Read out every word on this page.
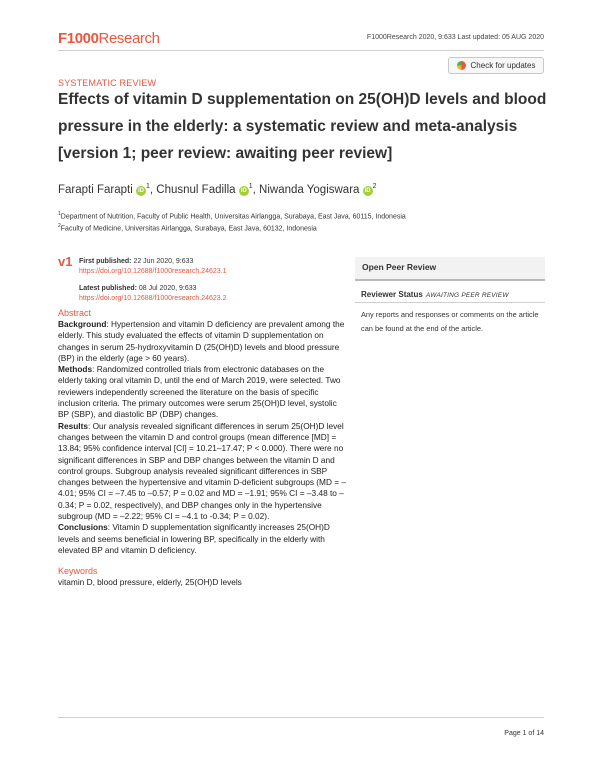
F1000Research	F1000Research 2020, 9:633 Last updated: 05 AUG 2020
Check for updates
SYSTEMATIC REVIEW
Effects of vitamin D supplementation on 25(OH)D levels and blood pressure in the elderly: a systematic review and meta-analysis [version 1; peer review: awaiting peer review]
Farapti Farapti $iD^1$, Chusnul Fadilla $iD^1$, Niwanda Yogiswara $iD^2$
$^1$Department of Nutrition, Faculty of Public Health, Universitas Airlangga, Surabaya, East Java, 60115, Indonesia
$^2$Faculty of Medicine, Universitas Airlangga, Surabaya, East Java, 60132, Indonesia
v1 First published: 22 Jun 2020, 9:633
https://doi.org/10.12688/f1000research.24623.1
Latest published: 08 Jul 2020, 9:633
https://doi.org/10.12688/f1000research.24623.2
Abstract
Background: Hypertension and vitamin D deficiency are prevalent among the elderly. This study evaluated the effects of vitamin D supplementation on changes in serum 25-hydroxyvitamin D (25(OH)D) levels and blood pressure (BP) in the elderly (age > 60 years).
Methods: Randomized controlled trials from electronic databases on the elderly taking oral vitamin D, until the end of March 2019, were selected. Two reviewers independently screened the literature on the basis of specific inclusion criteria. The primary outcomes were serum 25(OH)D level, systolic BP (SBP), and diastolic BP (DBP) changes.
Results: Our analysis revealed significant differences in serum 25(OH)D level changes between the vitamin D and control groups (mean difference [MD] = 13.84; 95% confidence interval [CI] = 10.21–17.47; P < 0.000). There were no significant differences in SBP and DBP changes between the vitamin D and control groups. Subgroup analysis revealed significant differences in SBP changes between the hypertensive and vitamin D-deficient subgroups (MD = –4.01; 95% CI = –7.45 to –0.57; P = 0.02 and MD = –1.91; 95% CI = –3.48 to –0.34; P = 0.02, respectively), and DBP changes only in the hypertensive subgroup (MD = –2.22; 95% CI = –4.1 to -0.34; P = 0.02).
Conclusions: Vitamin D supplementation significantly increases 25(OH)D levels and seems beneficial in lowering BP, specifically in the elderly with elevated BP and vitamin D deficiency.
Keywords
vitamin D, blood pressure, elderly, 25(OH)D levels
Open Peer Review
Reviewer Status AWAITING PEER REVIEW
Any reports and responses or comments on the article can be found at the end of the article.
Page 1 of 14
